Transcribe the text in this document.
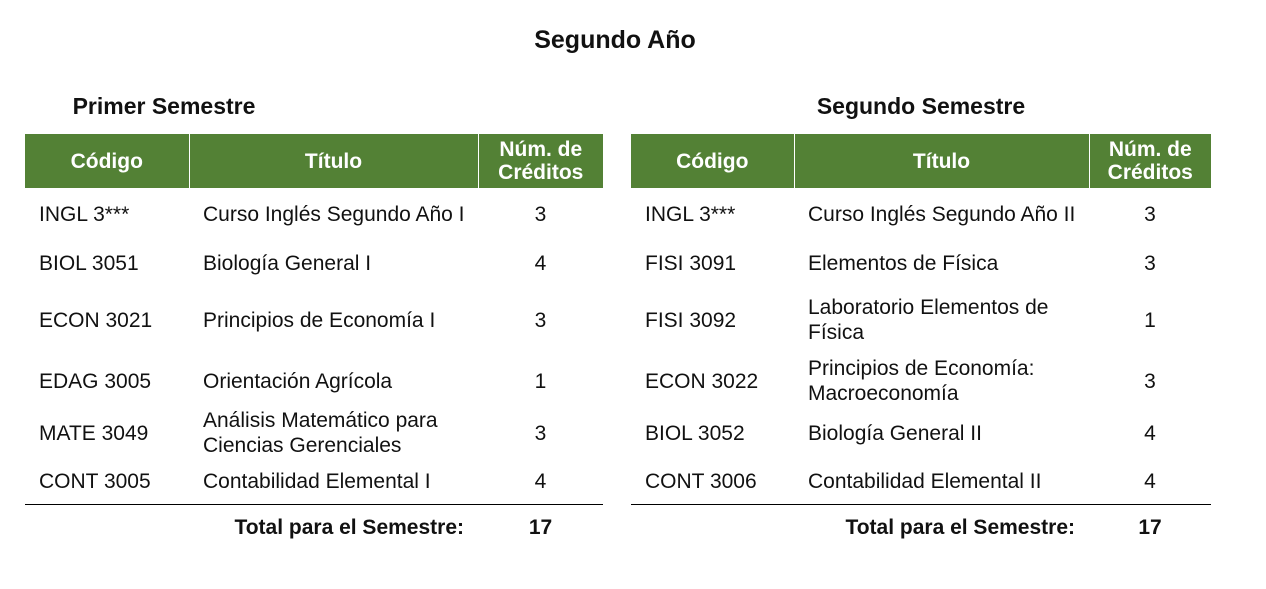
Segundo Año
Primer Semestre
Código	Título	Núm. de Créditos
INGL 3***	Curso Inglés Segundo Año I	3
BIOL 3051	Biología General I	4
ECON 3021	Principios de Economía I	3
EDAG 3005	Orientación Agrícola	1
MATE 3049	Análisis Matemático para Ciencias Gerenciales	3
CONT 3005	Contabilidad Elemental I	4
Total para el Semestre:		17
Segundo Semestre
Código	Título	Núm. de Créditos
INGL 3***	Curso Inglés Segundo Año II	3
FISI 3091	Elementos de Física	3
FISI 3092	Laboratorio Elementos de Física	1
ECON 3022	Principios de Economía: Macroeconomía	3
BIOL 3052	Biología General II	4
CONT 3006	Contabilidad Elemental II	4
Total para el Semestre:		17
